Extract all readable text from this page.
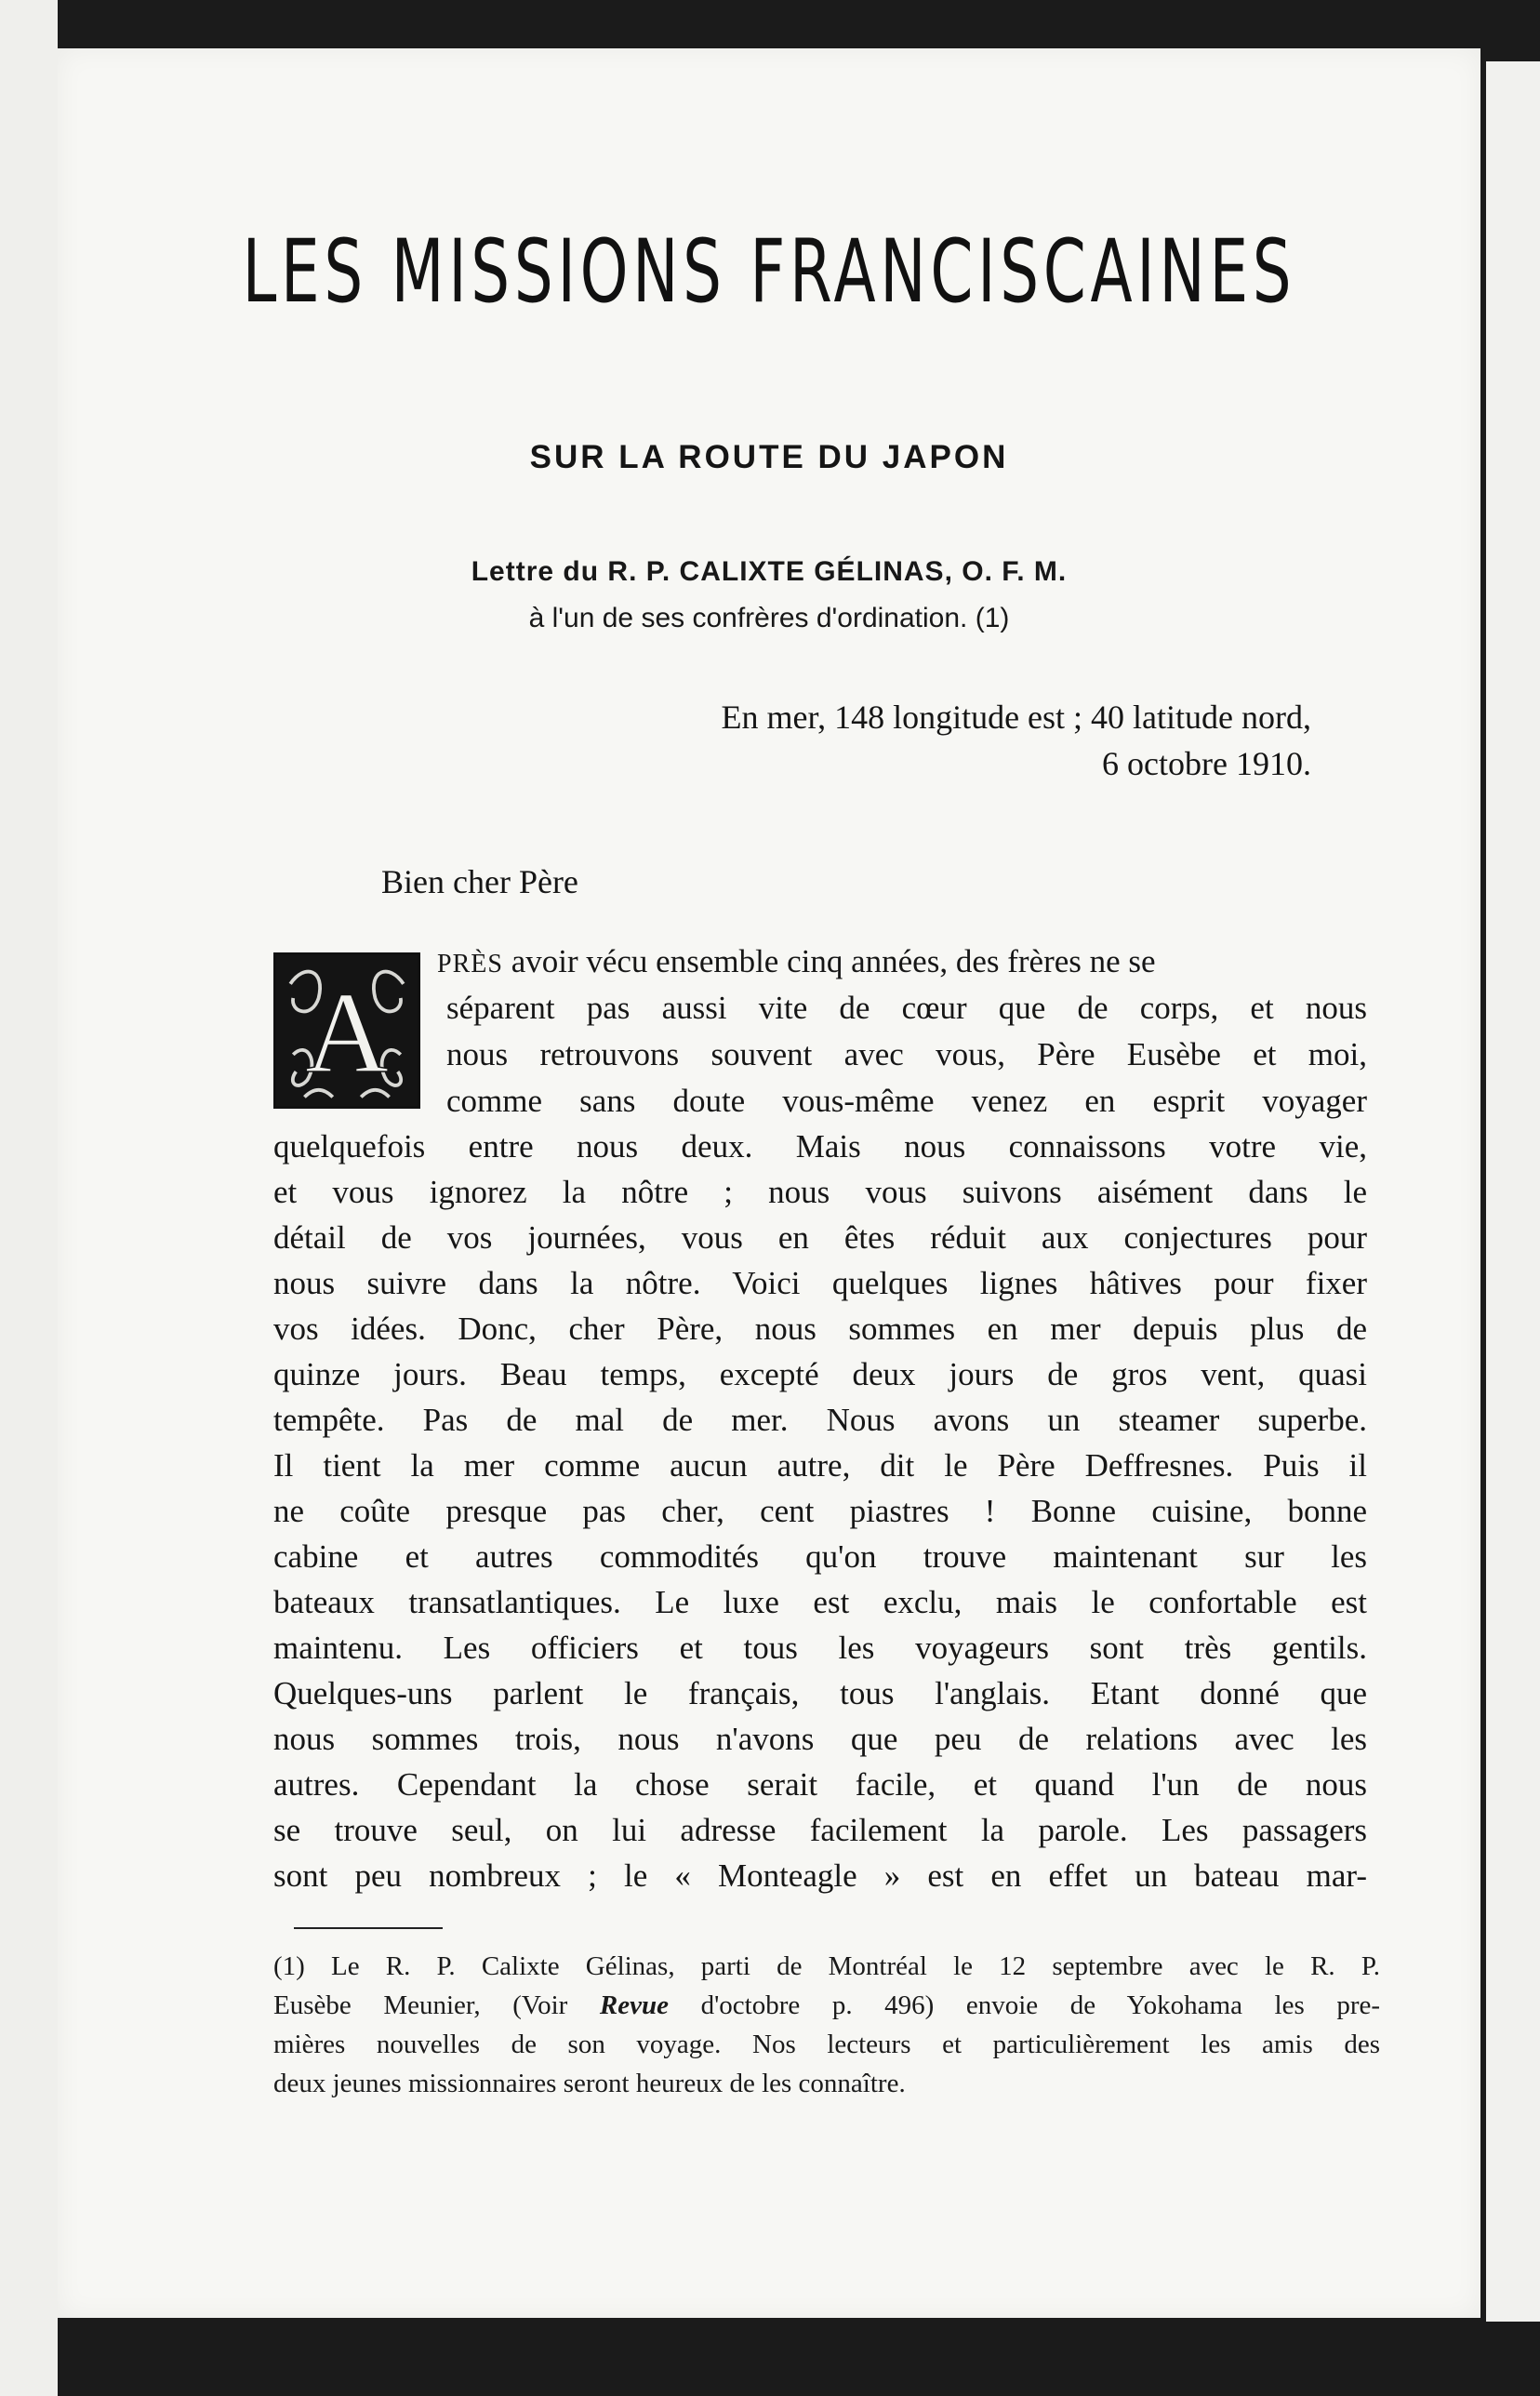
LES MISSIONS FRANCISCAINES
SUR LA ROUTE DU JAPON
Lettre du R. P. CALIXTE GÉLINAS, O. F. M.
à l'un de ses confrères d'ordination. (1)
En mer, 148 longitude est ; 40 latitude nord,
6 octobre 1910.
Bien cher Père
A
PRÈS avoir vécu ensemble cinq années, des frères ne se
séparent pas aussi vite de cœur que de corps, et nous
nous retrouvons souvent avec vous, Père Eusèbe et moi,
comme sans doute vous-même venez en esprit voyager
quelquefois entre nous deux. Mais nous connaissons votre vie,
et vous ignorez la nôtre ; nous vous suivons aisément dans le
détail de vos journées, vous en êtes réduit aux conjectures pour
nous suivre dans la nôtre. Voici quelques lignes hâtives pour fixer
vos idées. Donc, cher Père, nous sommes en mer depuis plus de
quinze jours. Beau temps, excepté deux jours de gros vent, quasi
tempête. Pas de mal de mer. Nous avons un steamer superbe.
Il tient la mer comme aucun autre, dit le Père Deffresnes. Puis il
ne coûte presque pas cher, cent piastres ! Bonne cuisine, bonne
cabine et autres commodités qu'on trouve maintenant sur les
bateaux transatlantiques. Le luxe est exclu, mais le confortable est
maintenu. Les officiers et tous les voyageurs sont très gentils.
Quelques-uns parlent le français, tous l'anglais. Etant donné que
nous sommes trois, nous n'avons que peu de relations avec les
autres. Cependant la chose serait facile, et quand l'un de nous
se trouve seul, on lui adresse facilement la parole. Les passagers
sont peu nombreux ; le « Monteagle » est en effet un bateau mar-
(1) Le R. P. Calixte Gélinas, parti de Montréal le 12 septembre avec le R. P.
Eusèbe Meunier, (Voir Revue d'octobre p. 496) envoie de Yokohama les pre-
mières nouvelles de son voyage. Nos lecteurs et particulièrement les amis des
deux jeunes missionnaires seront heureux de les connaître.
